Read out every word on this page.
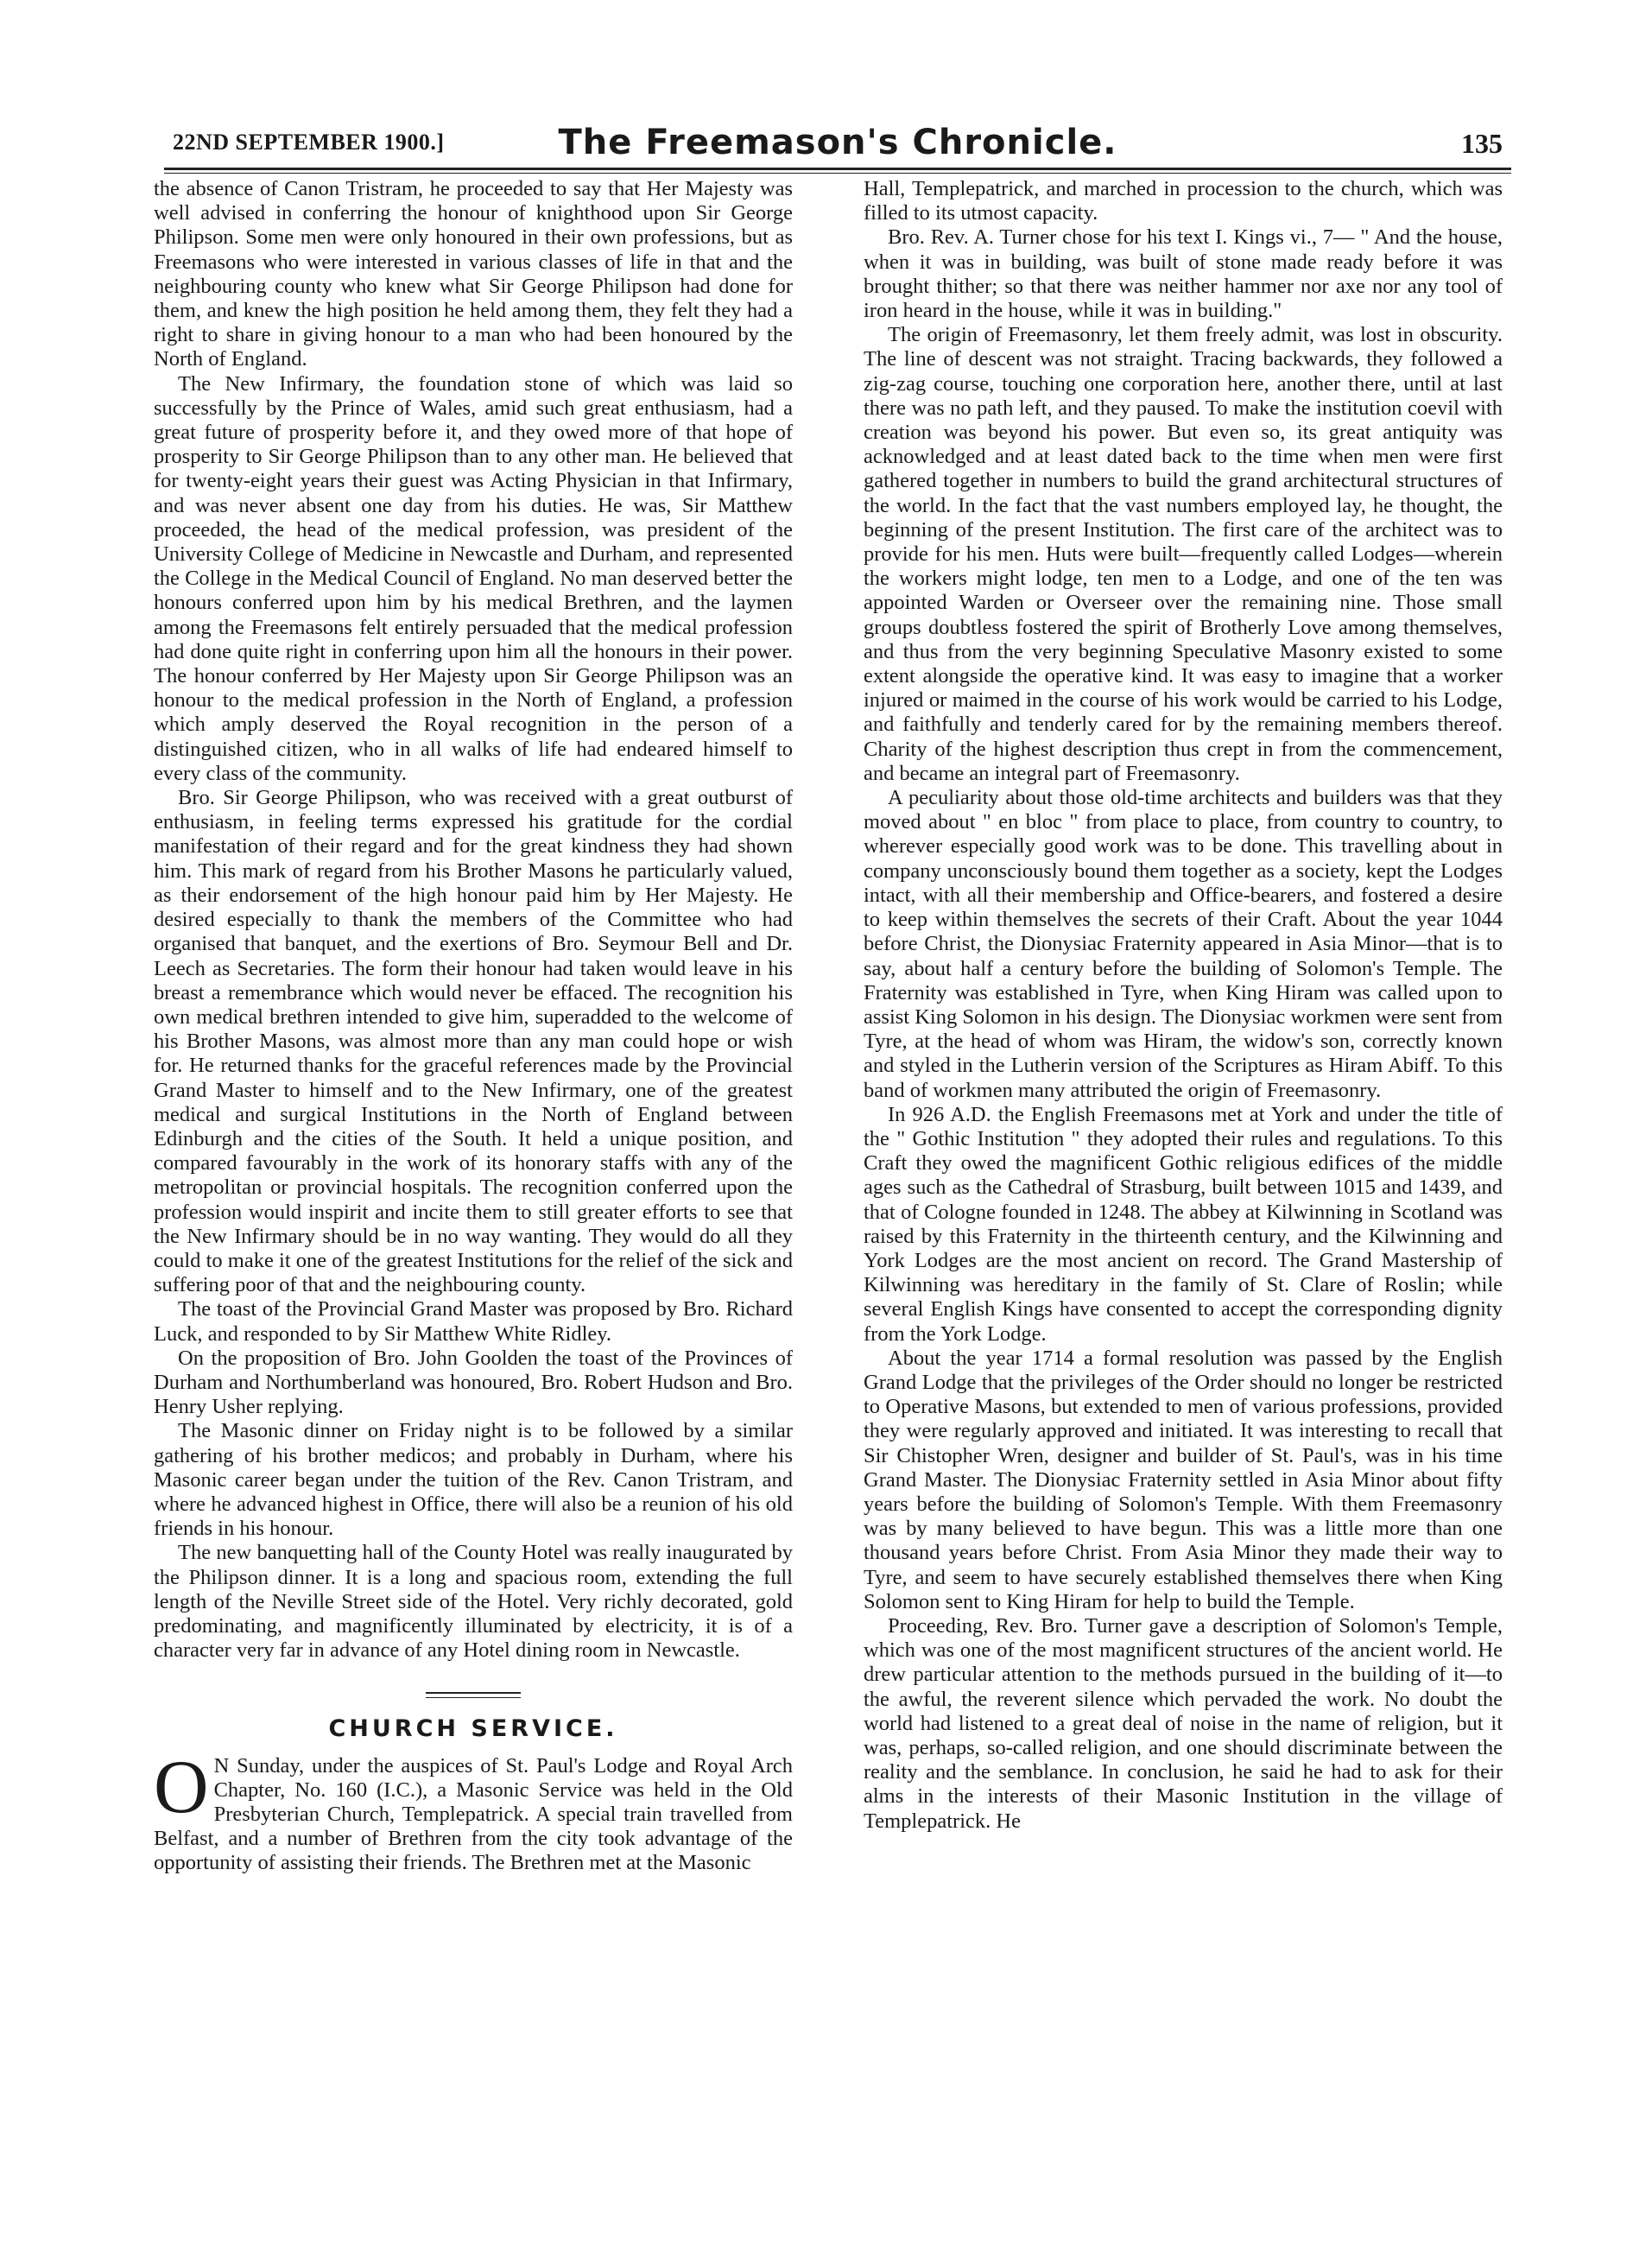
22ND SEPTEMBER 1900.]	The Freemason's Chronicle.	135

the absence of Canon Tristram, he proceeded to say that Her Majesty was well advised in conferring the honour of knighthood upon Sir George Philipson. Some men were only honoured in their own professions, but as Freemasons who were interested in various classes of life in that and the neighbouring county who knew what Sir George Philipson had done for them, and knew the high position he held among them, they felt they had a right to share in giving honour to a man who had been honoured by the North of England.

The New Infirmary, the foundation stone of which was laid so successfully by the Prince of Wales, amid such great enthusiasm, had a great future of prosperity before it, and they owed more of that hope of prosperity to Sir George Philipson than to any other man. He believed that for twenty-eight years their guest was Acting Physician in that Infirmary, and was never absent one day from his duties. He was, Sir Matthew proceeded, the head of the medical profession, was president of the University College of Medicine in Newcastle and Durham, and represented the College in the Medical Council of England. No man deserved better the honours conferred upon him by his medical Brethren, and the laymen among the Freemasons felt entirely persuaded that the medical profession had done quite right in conferring upon him all the honours in their power. The honour conferred by Her Majesty upon Sir George Philipson was an honour to the medical profession in the North of England, a profession which amply deserved the Royal recognition in the person of a distinguished citizen, who in all walks of life had endeared himself to every class of the community.

Bro. Sir George Philipson, who was received with a great outburst of enthusiasm, in feeling terms expressed his gratitude for the cordial manifestation of their regard and for the great kindness they had shown him. This mark of regard from his Brother Masons he particularly valued, as their endorsement of the high honour paid him by Her Majesty. He desired especially to thank the members of the Committee who had organised that banquet, and the exertions of Bro. Seymour Bell and Dr. Leech as Secretaries. The form their honour had taken would leave in his breast a remembrance which would never be effaced. The recognition his own medical brethren intended to give him, superadded to the welcome of his Brother Masons, was almost more than any man could hope or wish for. He returned thanks for the graceful references made by the Provincial Grand Master to himself and to the New Infirmary, one of the greatest medical and surgical Institutions in the North of England between Edinburgh and the cities of the South. It held a unique position, and compared favourably in the work of its honorary staffs with any of the metropolitan or provincial hospitals. The recognition conferred upon the profession would inspirit and incite them to still greater efforts to see that the New Infirmary should be in no way wanting. They would do all they could to make it one of the greatest Institutions for the relief of the sick and suffering poor of that and the neighbouring county.

The toast of the Provincial Grand Master was proposed by Bro. Richard Luck, and responded to by Sir Matthew White Ridley.

On the proposition of Bro. John Goolden the toast of the Provinces of Durham and Northumberland was honoured, Bro. Robert Hudson and Bro. Henry Usher replying.

The Masonic dinner on Friday night is to be followed by a similar gathering of his brother medicos; and probably in Durham, where his Masonic career began under the tuition of the Rev. Canon Tristram, and where he advanced highest in Office, there will also be a reunion of his old friends in his honour.

The new banquetting hall of the County Hotel was really inaugurated by the Philipson dinner. It is a long and spacious room, extending the full length of the Neville Street side of the Hotel. Very richly decorated, gold predominating, and magnificently illuminated by electricity, it is of a character very far in advance of any Hotel dining room in Newcastle.

CHURCH SERVICE.

O N Sunday, under the auspices of St. Paul's Lodge and Royal Arch Chapter, No. 160 (I.C.), a Masonic Service was held in the Old Presbyterian Church, Templepatrick. A special train travelled from Belfast, and a number of Brethren from the city took advantage of the opportunity of assisting their friends. The Brethren met at the Masonic

Hall, Templepatrick, and marched in procession to the church, which was filled to its utmost capacity.

Bro. Rev. A. Turner chose for his text I. Kings vi., 7— " And the house, when it was in building, was built of stone made ready before it was brought thither; so that there was neither hammer nor axe nor any tool of iron heard in the house, while it was in building."

The origin of Freemasonry, let them freely admit, was lost in obscurity. The line of descent was not straight. Tracing backwards, they followed a zig-zag course, touching one corporation here, another there, until at last there was no path left, and they paused. To make the institution coevil with creation was beyond his power. But even so, its great antiquity was acknowledged and at least dated back to the time when men were first gathered together in numbers to build the grand architectural structures of the world. In the fact that the vast numbers employed lay, he thought, the beginning of the present Institution. The first care of the architect was to provide for his men. Huts were built—frequently called Lodges—wherein the workers might lodge, ten men to a Lodge, and one of the ten was appointed Warden or Overseer over the remaining nine. Those small groups doubtless fostered the spirit of Brotherly Love among themselves, and thus from the very beginning Speculative Masonry existed to some extent alongside the operative kind. It was easy to imagine that a worker injured or maimed in the course of his work would be carried to his Lodge, and faithfully and tenderly cared for by the remaining members thereof. Charity of the highest description thus crept in from the commencement, and became an integral part of Freemasonry.

A peculiarity about those old-time architects and builders was that they moved about " en bloc " from place to place, from country to country, to wherever especially good work was to be done. This travelling about in company unconsciously bound them together as a society, kept the Lodges intact, with all their membership and Office-bearers, and fostered a desire to keep within themselves the secrets of their Craft. About the year 1044 before Christ, the Dionysiac Fraternity appeared in Asia Minor—that is to say, about half a century before the building of Solomon's Temple. The Fraternity was established in Tyre, when King Hiram was called upon to assist King Solomon in his design. The Dionysiac workmen were sent from Tyre, at the head of whom was Hiram, the widow's son, correctly known and styled in the Lutherin version of the Scriptures as Hiram Abiff. To this band of workmen many attributed the origin of Freemasonry.

In 926 A.D. the English Freemasons met at York and under the title of the " Gothic Institution " they adopted their rules and regulations. To this Craft they owed the magnificent Gothic religious edifices of the middle ages such as the Cathedral of Strasburg, built between 1015 and 1439, and that of Cologne founded in 1248. The abbey at Kilwinning in Scotland was raised by this Fraternity in the thirteenth century, and the Kilwinning and York Lodges are the most ancient on record. The Grand Mastership of Kilwinning was hereditary in the family of St. Clare of Roslin; while several English Kings have consented to accept the corresponding dignity from the York Lodge.

About the year 1714 a formal resolution was passed by the English Grand Lodge that the privileges of the Order should no longer be restricted to Operative Masons, but extended to men of various professions, provided they were regularly approved and initiated. It was interesting to recall that Sir Chistopher Wren, designer and builder of St. Paul's, was in his time Grand Master. The Dionysiac Fraternity settled in Asia Minor about fifty years before the building of Solomon's Temple. With them Freemasonry was by many believed to have begun. This was a little more than one thousand years before Christ. From Asia Minor they made their way to Tyre, and seem to have securely established themselves there when King Solomon sent to King Hiram for help to build the Temple.

Proceeding, Rev. Bro. Turner gave a description of Solomon's Temple, which was one of the most magnificent structures of the ancient world. He drew particular attention to the methods pursued in the building of it—to the awful, the reverent silence which pervaded the work. No doubt the world had listened to a great deal of noise in the name of religion, but it was, perhaps, so-called religion, and one should discriminate between the reality and the semblance. In conclusion, he said he had to ask for their alms in the interests of their Masonic Institution in the village of Templepatrick. He
